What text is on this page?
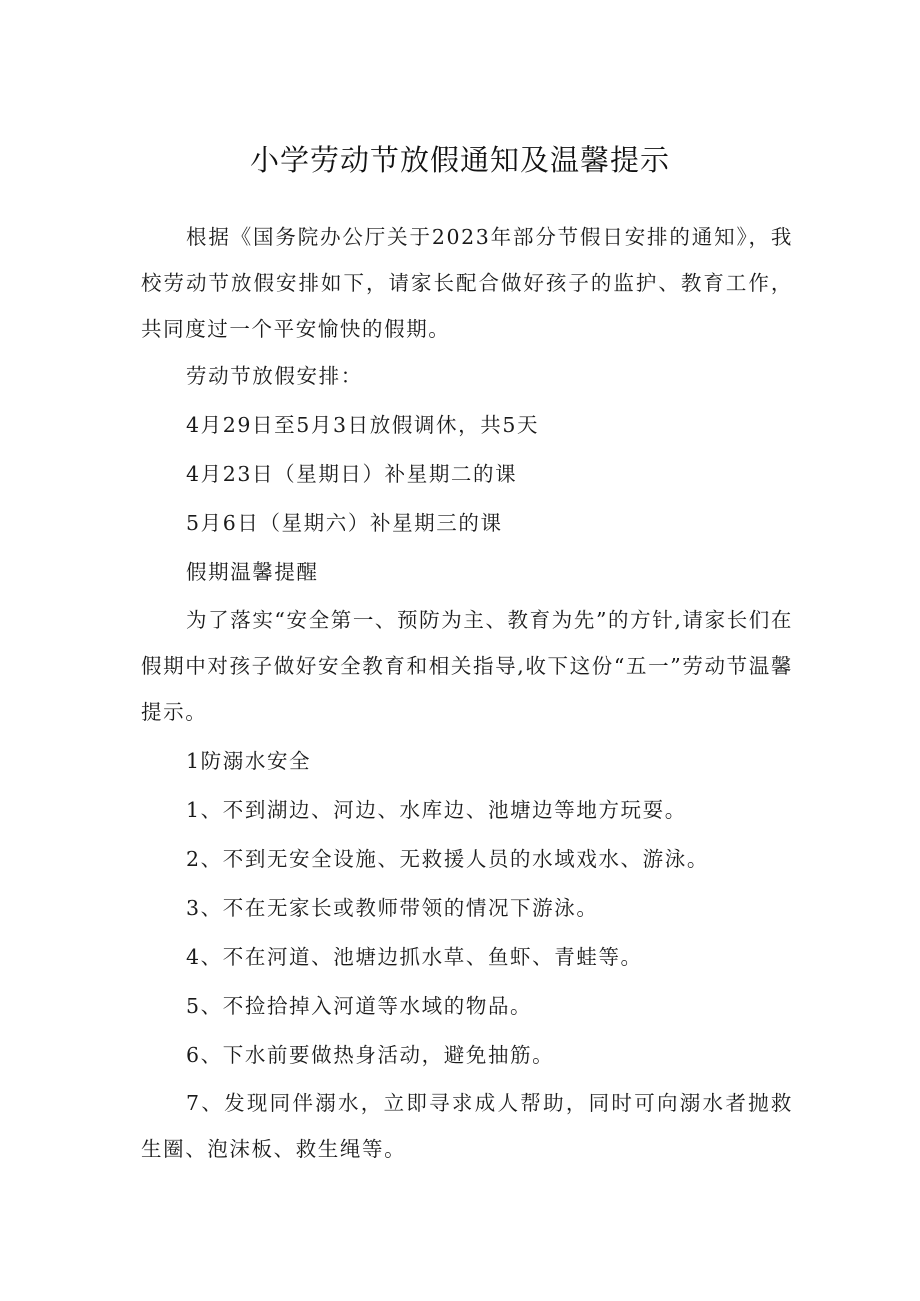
小学劳动节放假通知及温馨提示

根据《国务院办公厅关于2023年部分节假日安排的通知》，我校劳动节放假安排如下，请家长配合做好孩子的监护、教育工作，共同度过一个平安愉快的假期。

劳动节放假安排：

4月29日至5月3日放假调休，共5天

4月23日（星期日）补星期二的课

5月6日（星期六）补星期三的课

假期温馨提醒

为了落实“安全第一、预防为主、教育为先”的方针,请家长们在假期中对孩子做好安全教育和相关指导,收下这份“五一”劳动节温馨提示。

1防溺水安全

1、不到湖边、河边、水库边、池塘边等地方玩耍。

2、不到无安全设施、无救援人员的水域戏水、游泳。

3、不在无家长或教师带领的情况下游泳。

4、不在河道、池塘边抓水草、鱼虾、青蛙等。

5、不捡拾掉入河道等水域的物品。

6、下水前要做热身活动，避免抽筋。

7、发现同伴溺水，立即寻求成人帮助，同时可向溺水者抛救生圈、泡沫板、救生绳等。
